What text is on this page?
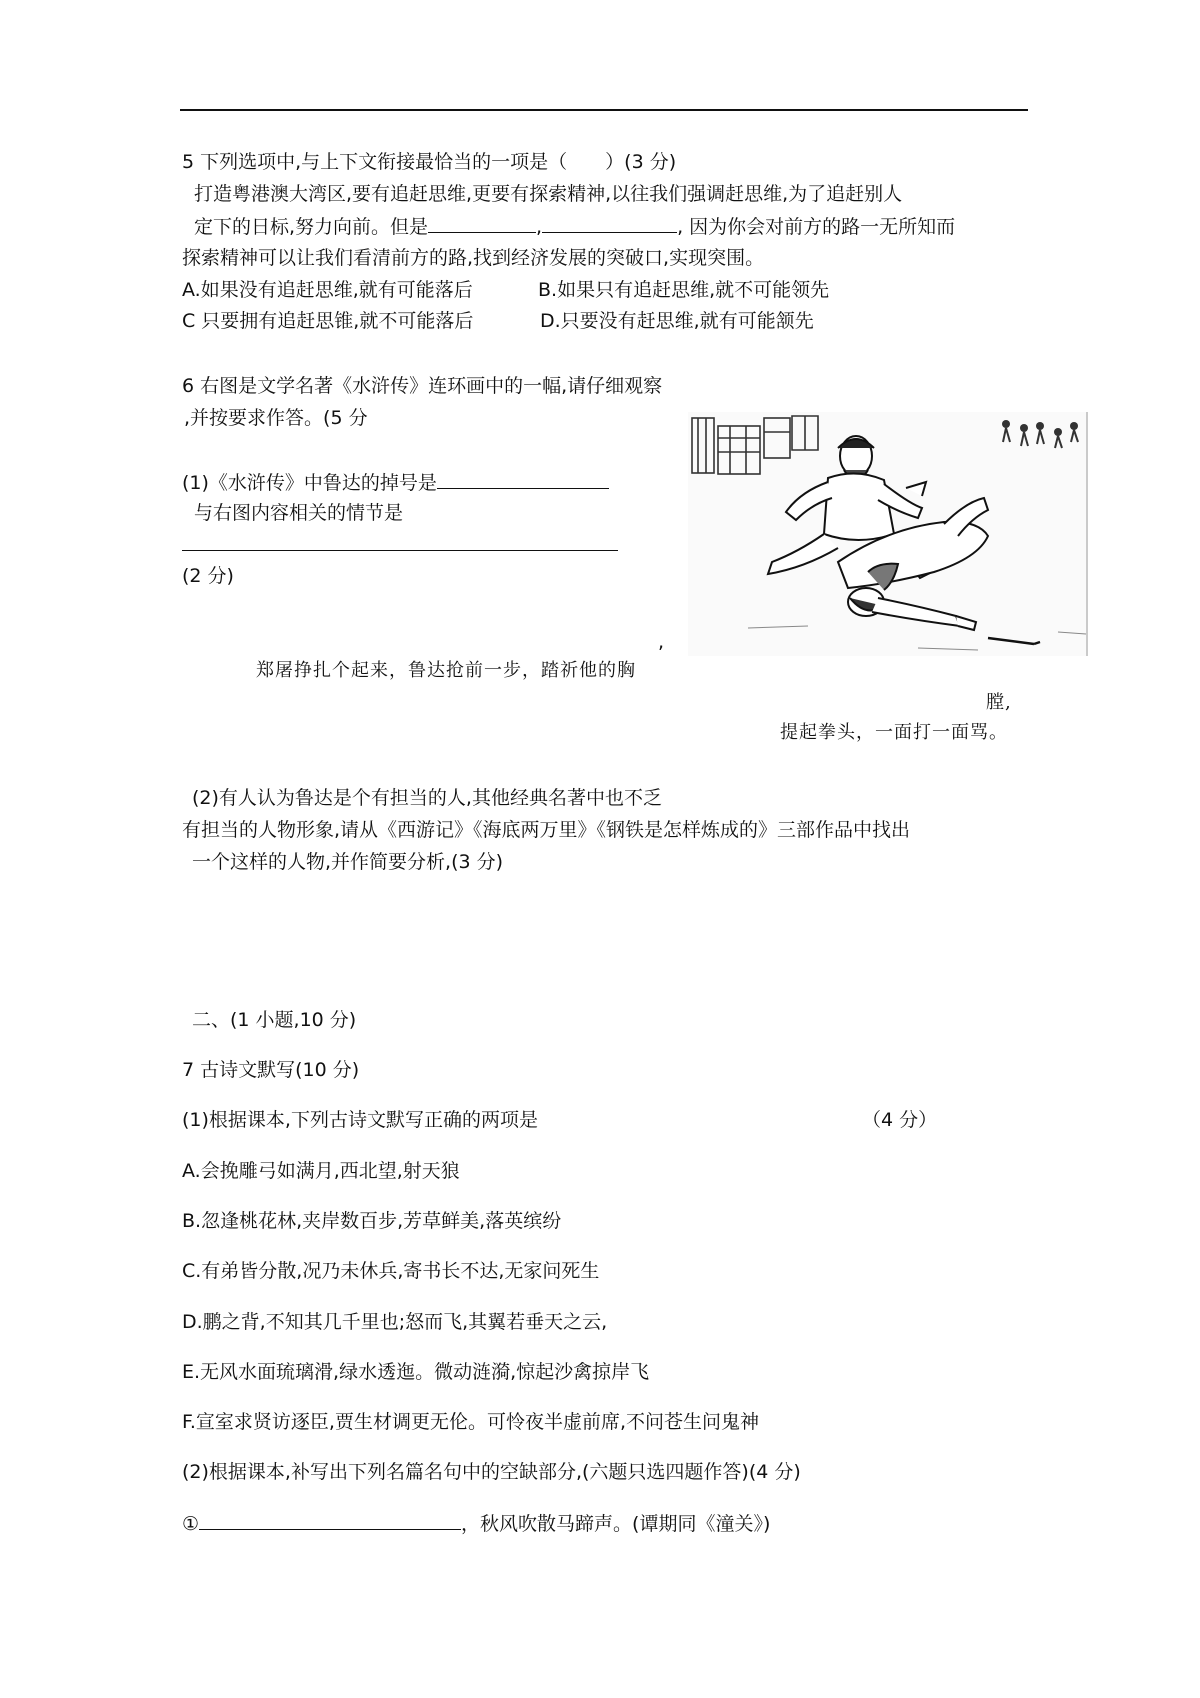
5 下列选项中,与上下文衔接最恰当的一项是（　　）(3 分)
打造粤港澳大湾区,要有追赶思维,更要有探索精神,以往我们强调赶思维,为了追赶别人
定下的日标,努力向前。但是	,	, 因为你会对前方的路一无所知而
探索精神可以让我们看清前方的路,找到经济发展的突破口,实现突围。
A.如果没有追赶思维,就有可能落后	B.如果只有追赶思维,就不可能领先
C 只要拥有追赶思锥,就不可能落后	D.只要没有赶思维,就有可能颔先
6 右图是文学名著《水浒传》连环画中的一幅,请仔细观察
,并按要求作答。(5 分
(1)《水浒传》中鲁达的掉号是
与右图内容相关的情节是
(2 分)
,
郑屠挣扎个起来，鲁达抢前一步，踏祈他的胸
膛,
提起拳头，一面打一面骂。
(2)有人认为鲁达是个有担当的人,其他经典名著中也不乏
有担当的人物形象,请从《西游记》《海底两万里》《钢铁是怎样炼成的》三部作品中找出
一个这样的人物,并作简要分析,(3 分)
二、(1 小题,10 分)
7 古诗文默写(10 分)
(1)根据课本,下列古诗文默写正确的两项是	（4 分）
A.会挽雕弓如满月,西北望,射天狼
B.忽逢桃花林,夹岸数百步,芳草鲜美,落英缤纷
C.有弟皆分散,况乃未休兵,寄书长不达,无家问死生
D.鹏之背,不知其几千里也;怒而飞,其翼若垂天之云,
E.无风水面琉璃滑,绿水透迤。微动涟漪,惊起沙禽掠岸飞
F.宣室求贤访逐臣,贾生材调更无伦。可怜夜半虚前席,不问苍生问鬼神
(2)根据课本,补写出下列名篇名句中的空缺部分,(六题只选四题作答)(4 分)
①	，秋风吹散马蹄声。(谭期同《潼关》)
